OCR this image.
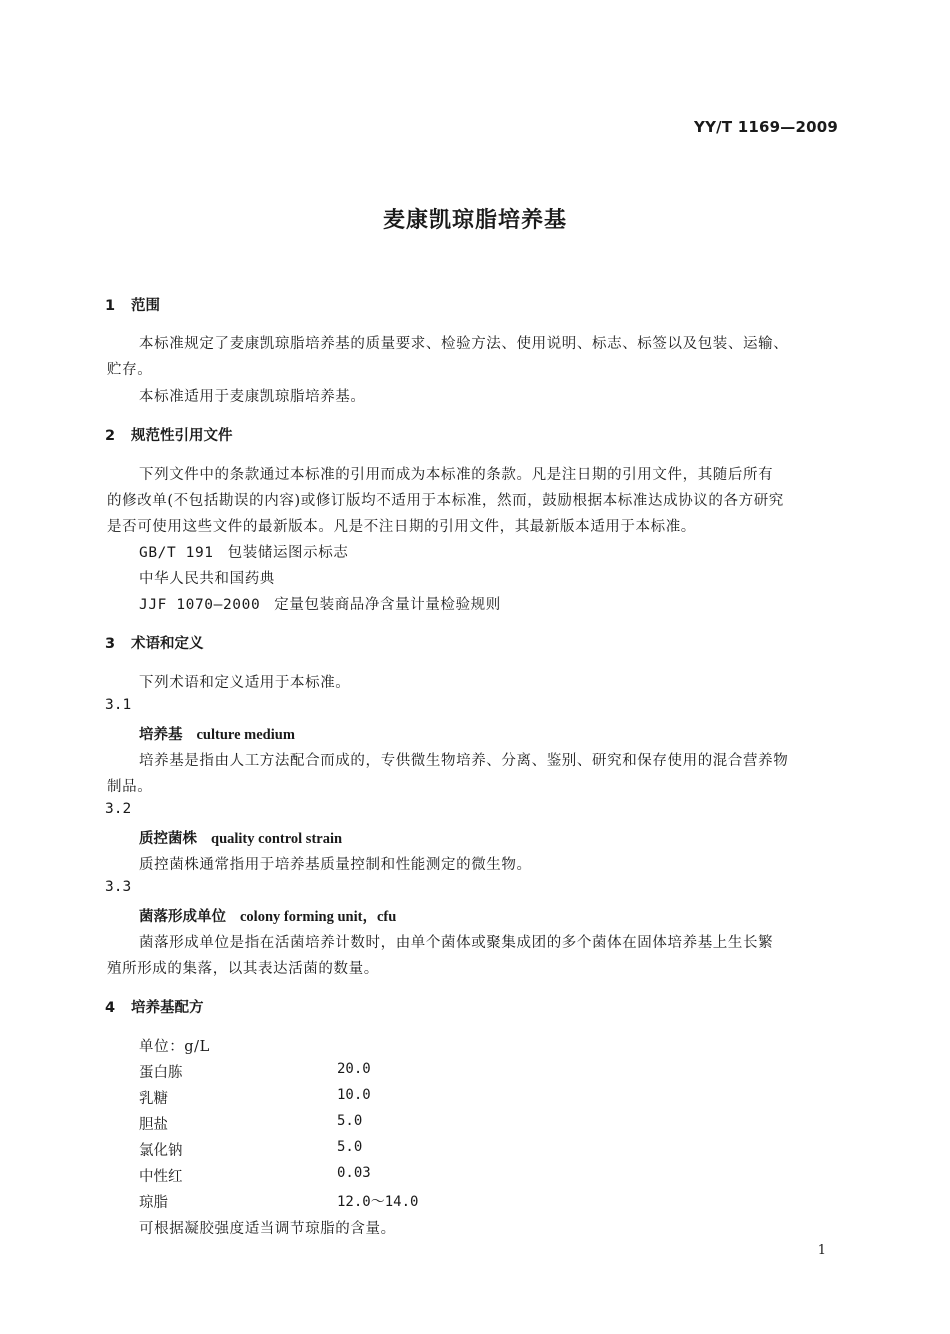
YY/T 1169—2009
麦康凯琼脂培养基
1 范围
本标准规定了麦康凯琼脂培养基的质量要求、检验方法、使用说明、标志、标签以及包装、运输、
贮存。
本标准适用于麦康凯琼脂培养基。
2 规范性引用文件
下列文件中的条款通过本标准的引用而成为本标准的条款。凡是注日期的引用文件，其随后所有
的修改单(不包括勘误的内容)或修订版均不适用于本标准，然而，鼓励根据本标准达成协议的各方研究
是否可使用这些文件的最新版本。凡是不注日期的引用文件，其最新版本适用于本标准。
GB/T 191 包装储运图示标志
中华人民共和国药典
JJF 1070—2000 定量包装商品净含量计量检验规则
3 术语和定义
下列术语和定义适用于本标准。
3.1
培养基 culture medium
培养基是指由人工方法配合而成的，专供微生物培养、分离、鉴别、研究和保存使用的混合营养物
制品。
3.2
质控菌株 quality control strain
质控菌株通常指用于培养基质量控制和性能测定的微生物。
3.3
菌落形成单位 colony forming unit，cfu
菌落形成单位是指在活菌培养计数时，由单个菌体或聚集成团的多个菌体在固体培养基上生长繁
殖所形成的集落，以其表达活菌的数量。
4 培养基配方
单位：g/L
蛋白胨	20.0
乳糖	10.0
胆盐	5.0
氯化钠	5.0
中性红	0.03
琼脂	12.0～14.0
可根据凝胶强度适当调节琼脂的含量。
1
